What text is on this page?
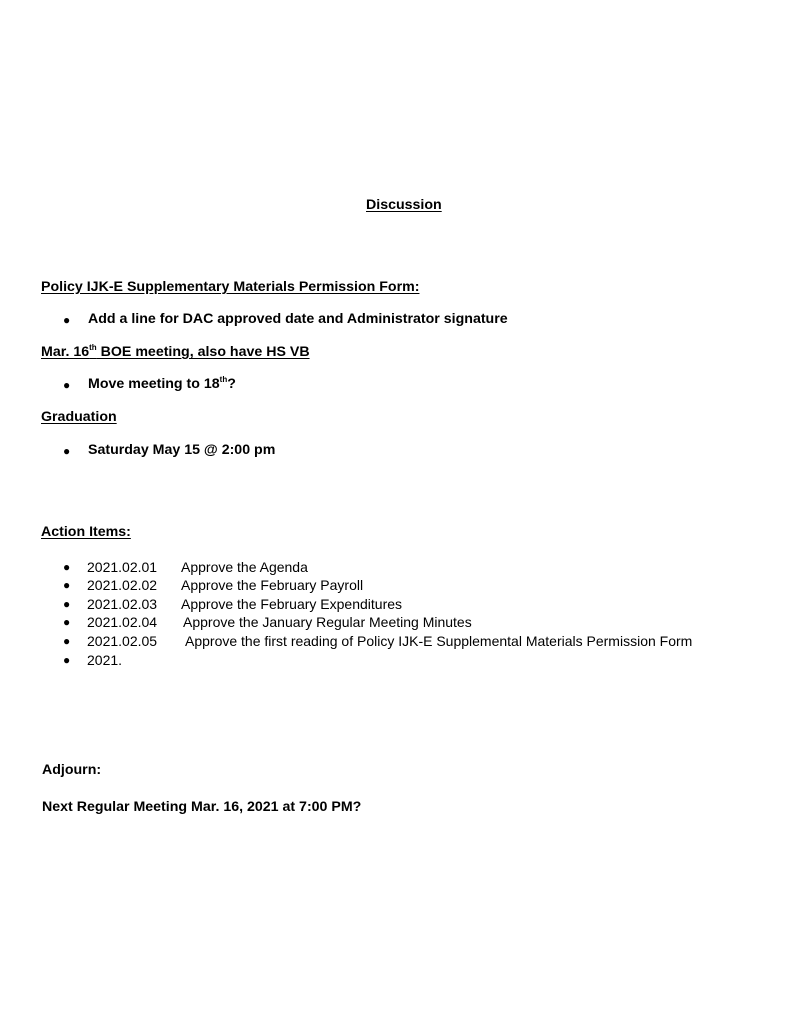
Discussion
Policy IJK-E Supplementary Materials Permission Form:
● Add a line for DAC approved date and Administrator signature
Mar. 16th BOE meeting, also have HS VB
● Move meeting to 18th?
Graduation
● Saturday May 15 @ 2:00 pm
Action Items:
● 2021.02.01 Approve the Agenda
● 2021.02.02 Approve the February Payroll
● 2021.02.03 Approve the February Expenditures
● 2021.02.04 Approve the January Regular Meeting Minutes
● 2021.02.05 Approve the first reading of Policy IJK-E Supplemental Materials Permission Form
● 2021.
Adjourn:
Next Regular Meeting Mar. 16, 2021 at 7:00 PM?
